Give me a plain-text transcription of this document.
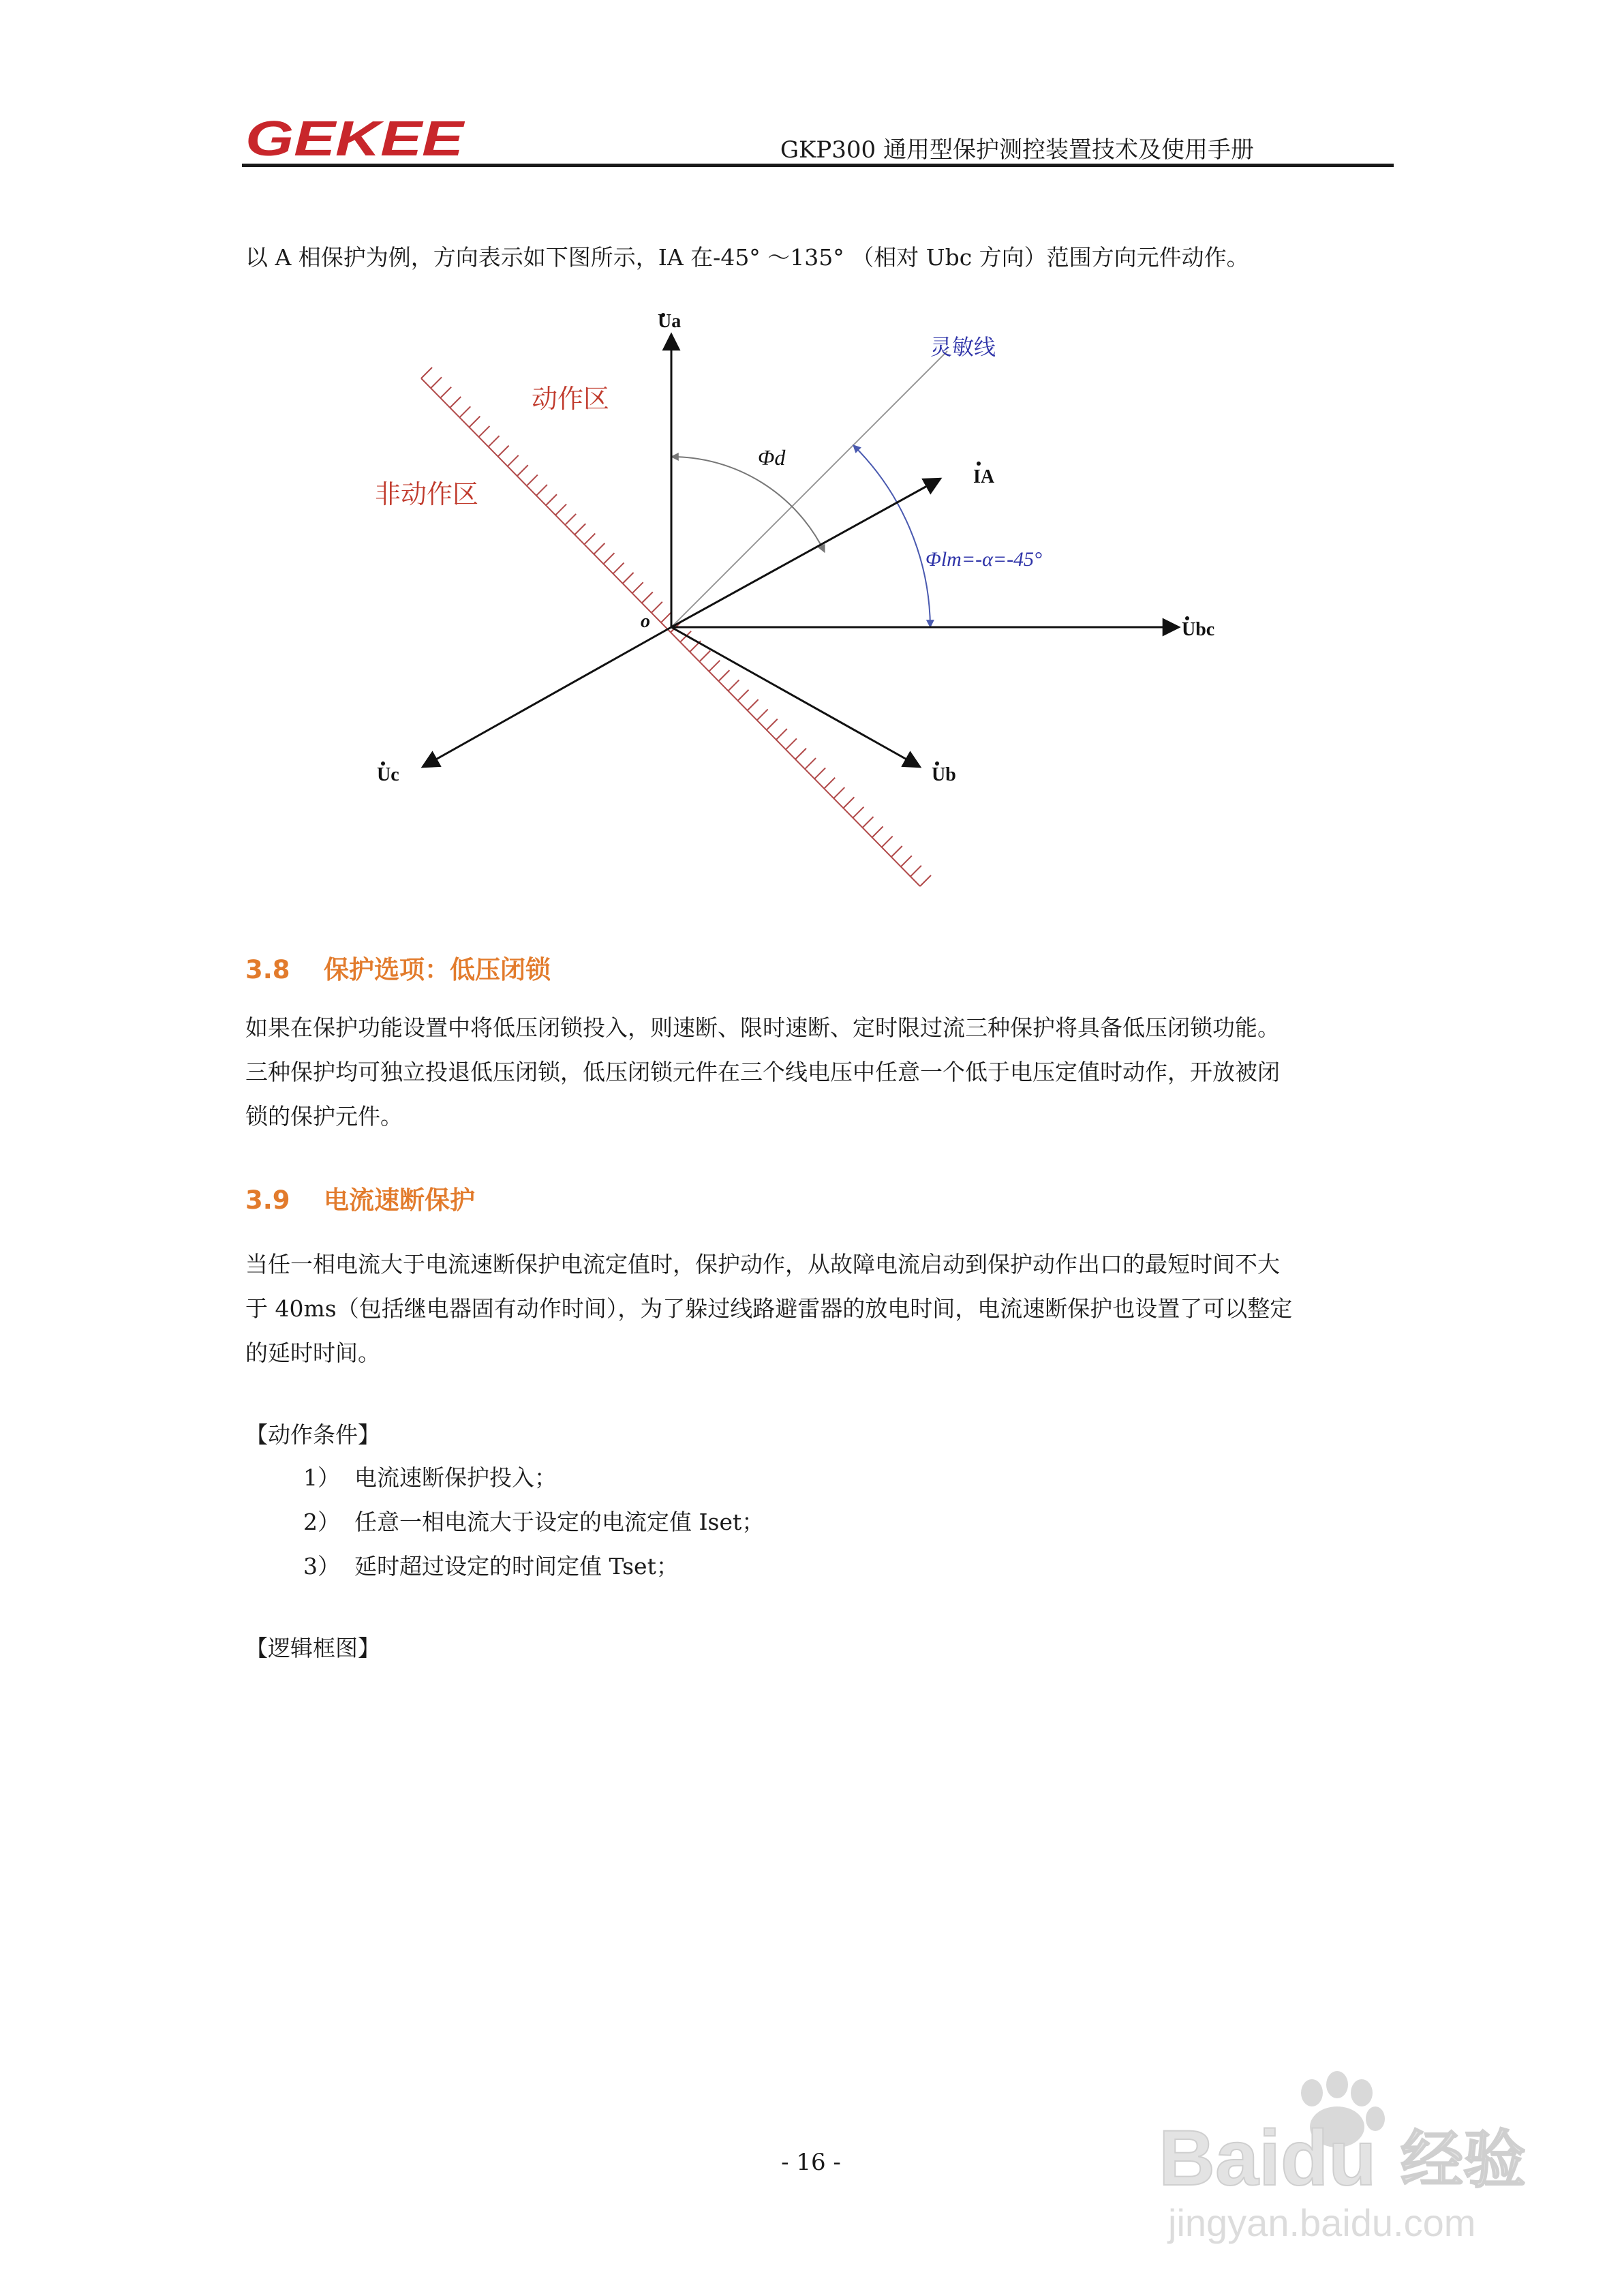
GEKEE	GKP300 通用型保护测控装置技术及使用手册

以 A 相保护为例，方向表示如下图所示，IA 在-45° ～135° （相对 Ubc 方向）范围方向元件动作。

Ua
IA
Ubc
Ub
Uc
o
动作区
非动作区
灵敏线
Φd
Φlm=-α=-45°
3.8 保护选项：低压闭锁

如果在保护功能设置中将低压闭锁投入，则速断、限时速断、定时限过流三种保护将具备低压闭锁功能。

三种保护均可独立投退低压闭锁，低压闭锁元件在三个线电压中任意一个低于电压定值时动作，开放被闭

锁的保护元件。

3.9 电流速断保护

当任一相电流大于电流速断保护电流定值时，保护动作，从故障电流启动到保护动作出口的最短时间不大

于 40ms（包括继电器固有动作时间），为了躲过线路避雷器的放电时间，电流速断保护也设置了可以整定

的延时时间。

【动作条件】

1） 电流速断保护投入；
2） 任意一相电流大于设定的电流定值 Iset；
3） 延时超过设定的时间定值 Tset；

【逻辑框图】

- 16 -	Baidu 经验
jingyan.baidu.com
